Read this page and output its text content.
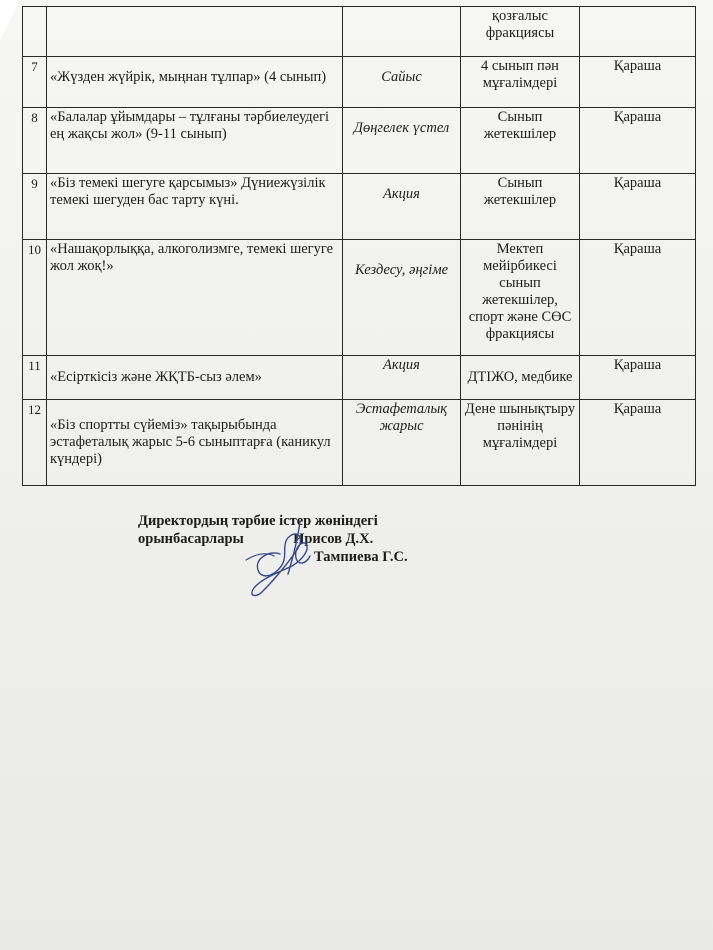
			қозғалыс фракциясы	
7	«Жүзден жүйрік, мыңнан тұлпар» (4 сынып)	Сайыс	4 сынып пән мұғалімдері	Қараша
8	«Балалар ұйымдары – тұлғаны тәрбиелеудегі ең жақсы жол» (9-11 сынып)	Дөңгелек үстел	Сынып жетекшілер	Қараша
9	«Біз темекі шегуге қарсымыз» Дүниежүзілік темекі шегуден бас тарту күні.	Акция	Сынып жетекшілер	Қараша
10	«Нашақорлыққа, алкоголизмге, темекі шегуге жол жоқ!»	Кездесу, әңгіме	Мектеп мейірбикесі сынып жетекшілер, спорт және СӨС фракциясы	Қараша
11	«Есірткісіз және ЖҚТБ-сыз әлем»	Акция	ДТІЖО, медбике	Қараша
12	«Біз спортты сүйеміз» тақырыбында эстафеталық жарыс 5-6 сыныптарға (каникул күндері)	Эстафеталық жарыс	Дене шынықтыру пәнінің мұғалімдері	Қараша
Директордың тәрбие істер жөніндегі
орынбасарлары	Ирисов Д.Х.
Тампиева Г.С.
